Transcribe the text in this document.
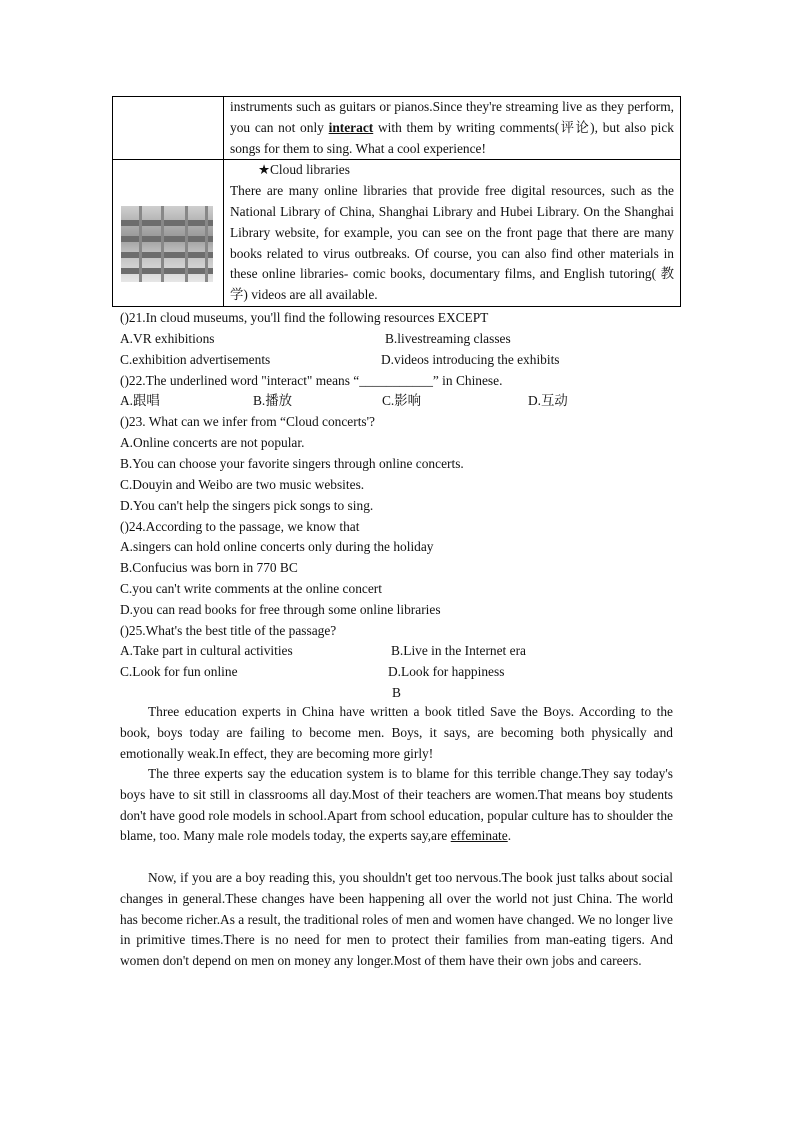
	instruments such as guitars or pianos.Since they're streaming live as they perform, you can not only interact with them by writing comments(评论), but also pick songs for them to sing. What a cool experience!

	★Cloud libraries
There are many online libraries that provide free digital resources, such as the National Library of China, Shanghai Library and Hubei Library. On the Shanghai Library website, for example, you can see on the front page that there are many books related to virus outbreaks. Of course, you can also find other materials in these online libraries- comic books, documentary films, and English tutoring( 教学) videos are all available.
()21.In cloud museums, you'll find the following resources EXCEPT
A.VR exhibitions	B.livestreaming classes
C.exhibition advertisements	D.videos introducing the exhibits
()22.The underlined word "interact" means “___________” in Chinese.
A.跟唱	B.播放	C.影响	D.互动
()23. What can we infer from “Cloud concerts'?
A.Online concerts are not popular.
B.You can choose your favorite singers through online concerts.
C.Douyin and Weibo are two music websites.
D.You can't help the singers pick songs to sing.
()24.According to the passage, we know that
A.singers can hold online concerts only during the holiday
B.Confucius was born in 770 BC
C.you can't write comments at the online concert
D.you can read books for free through some online libraries
()25.What's the best title of the passage?
A.Take part in cultural activities	B.Live in the Internet era
C.Look for fun online	D.Look for happiness
B
Three education experts in China have written a book titled Save the Boys. According to the book, boys today are failing to become men. Boys, it says, are becoming both physically and emotionally weak.In effect, they are becoming more girly!
The three experts say the education system is to blame for this terrible change.They say today's boys have to sit still in classrooms all day.Most of their teachers are women.That means boy students don't have good role models in school.Apart from school education, popular culture has to shoulder the blame, too. Many male role models today, the experts say,are effeminate.
Now, if you are a boy reading this, you shouldn't get too nervous.The book just talks about social changes in general.These changes have been happening all over the world not just China. The world has become richer.As a result, the traditional roles of men and women have changed. We no longer live in primitive times.There is no need for men to protect their families from man-eating tigers. And women don't depend on men on money any longer.Most of them have their own jobs and careers.
